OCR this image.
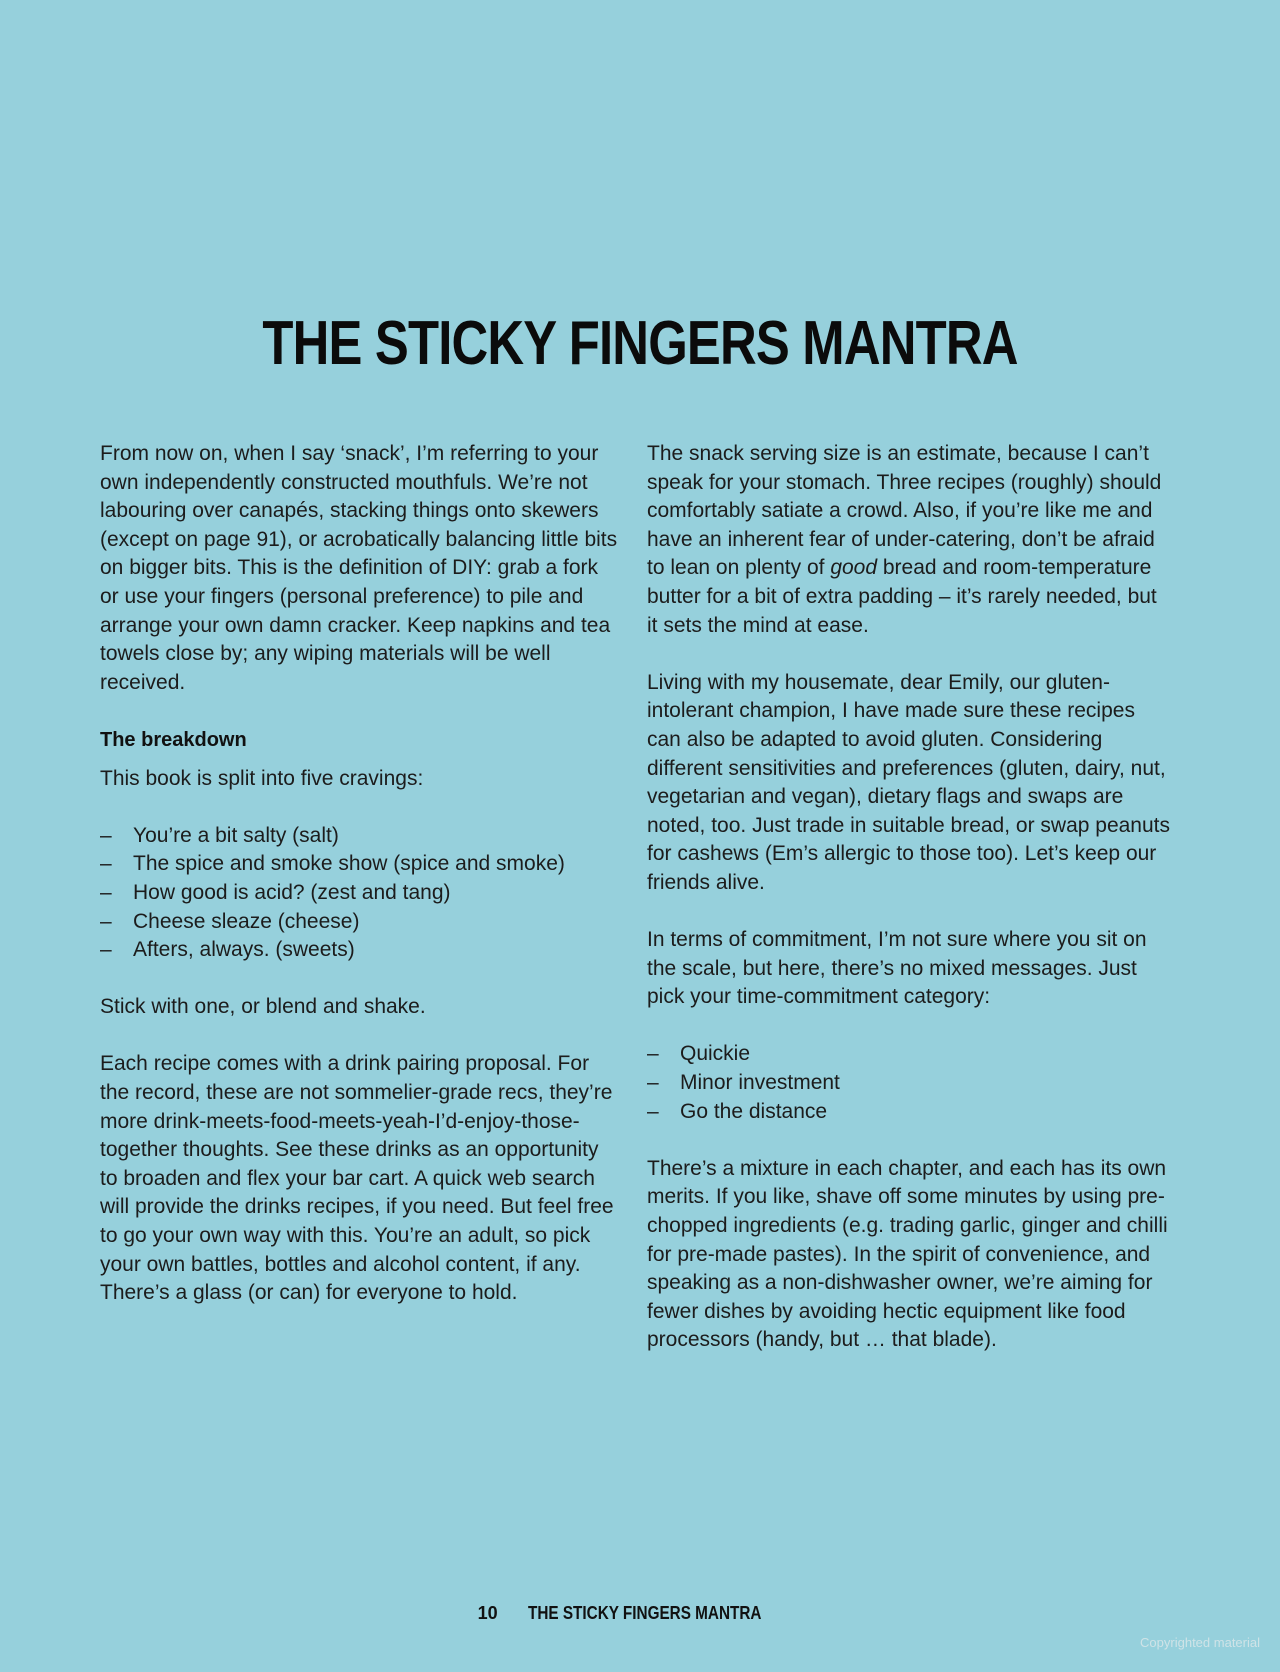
THE STICKY FINGERS MANTRA

From now on, when I say ‘snack’, I’m referring to your own independently constructed mouthfuls. We’re not labouring over canapés, stacking things onto skewers (except on page 91), or acrobatically balancing little bits on bigger bits. This is the definition of DIY: grab a fork or use your fingers (personal preference) to pile and arrange your own damn cracker. Keep napkins and tea towels close by; any wiping materials will be well received.

The breakdown

This book is split into five cravings:

– You’re a bit salty (salt)
– The spice and smoke show (spice and smoke)
– How good is acid? (zest and tang)
– Cheese sleaze (cheese)
– Afters, always. (sweets)

Stick with one, or blend and shake.

Each recipe comes with a drink pairing proposal. For the record, these are not sommelier-grade recs, they’re more drink-meets-food-meets-yeah-I’d-enjoy-those-together thoughts. See these drinks as an opportunity to broaden and flex your bar cart. A quick web search will provide the drinks recipes, if you need. But feel free to go your own way with this. You’re an adult, so pick your own battles, bottles and alcohol content, if any. There’s a glass (or can) for everyone to hold.

The snack serving size is an estimate, because I can’t speak for your stomach. Three recipes (roughly) should comfortably satiate a crowd. Also, if you’re like me and have an inherent fear of under-catering, don’t be afraid to lean on plenty of good bread and room-temperature butter for a bit of extra padding – it’s rarely needed, but it sets the mind at ease.

Living with my housemate, dear Emily, our gluten-intolerant champion, I have made sure these recipes can also be adapted to avoid gluten. Considering different sensitivities and preferences (gluten, dairy, nut, vegetarian and vegan), dietary flags and swaps are noted, too. Just trade in suitable bread, or swap peanuts for cashews (Em’s allergic to those too). Let’s keep our friends alive.

In terms of commitment, I’m not sure where you sit on the scale, but here, there’s no mixed messages. Just pick your time-commitment category:

– Quickie
– Minor investment
– Go the distance

There’s a mixture in each chapter, and each has its own merits. If you like, shave off some minutes by using pre-chopped ingredients (e.g. trading garlic, ginger and chilli for pre-made pastes). In the spirit of convenience, and speaking as a non-dishwasher owner, we’re aiming for fewer dishes by avoiding hectic equipment like food processors (handy, but … that blade).

10 THE STICKY FINGERS MANTRA
Copyrighted material
